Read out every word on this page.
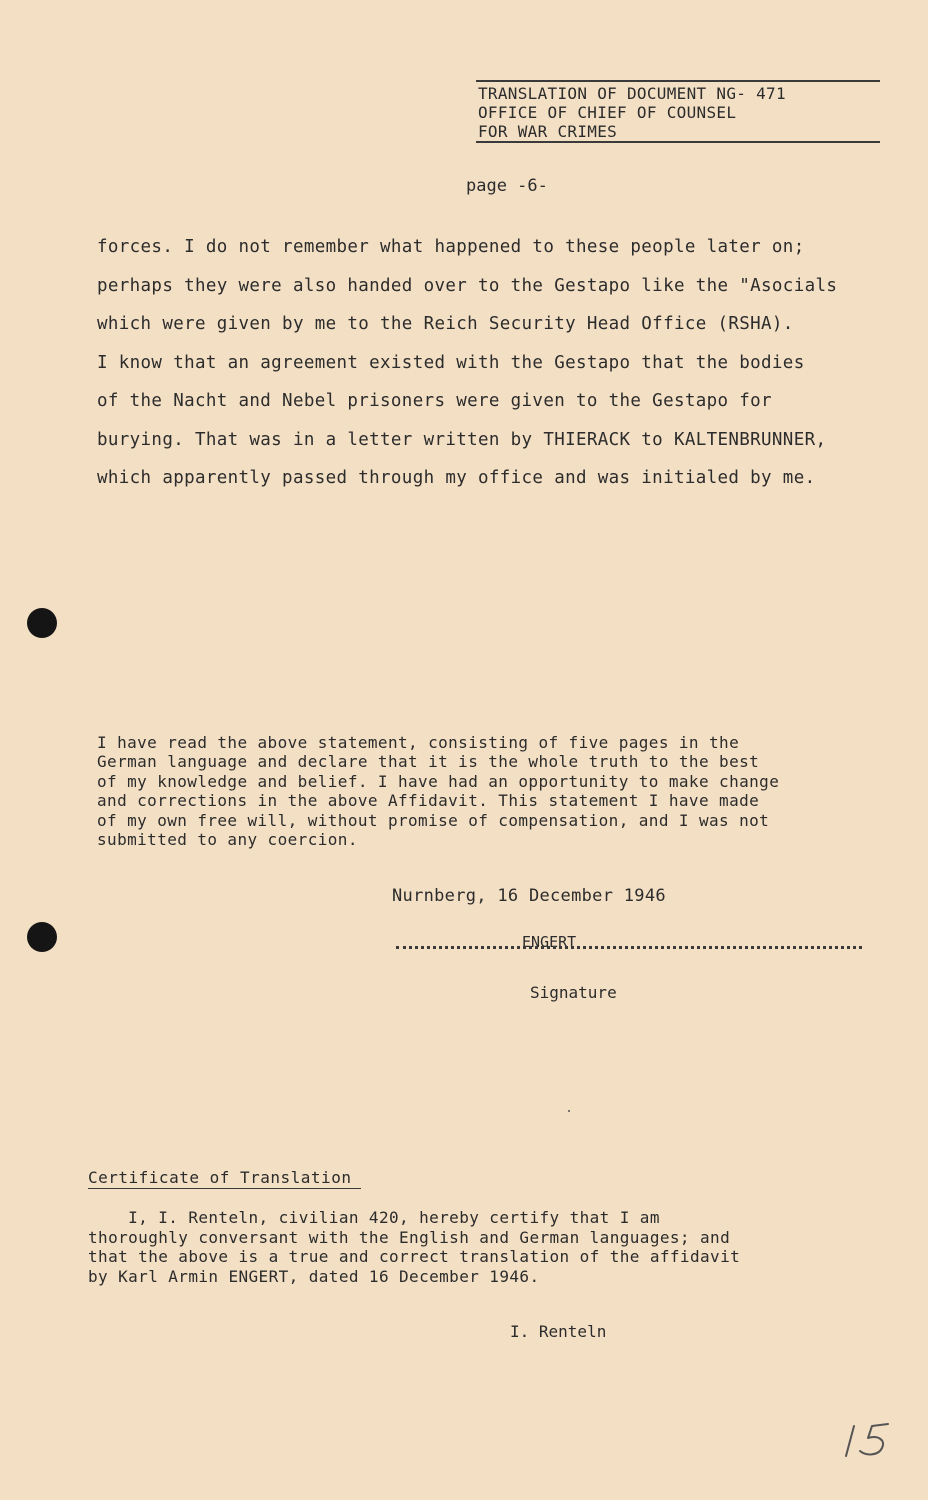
TRANSLATION OF DOCUMENT NG- 471
OFFICE OF CHIEF OF COUNSEL
FOR WAR CRIMES
page -6-
forces. I do not remember what happened to these people later on;
perhaps they were also handed over to the Gestapo like the "Asocials
which were given by me to the Reich Security Head Office (RSHA).
I know that an agreement existed with the Gestapo that the bodies
of the Nacht and Nebel prisoners were given to the Gestapo for
burying. That was in a letter written by THIERACK to KALTENBRUNNER,
which apparently passed through my office and was initialed by me.
I have read the above statement, consisting of five pages in the
German language and declare that it is the whole truth to the best
of my knowledge and belief. I have had an opportunity to make change
and corrections in the above Affidavit. This statement I have made
of my own free will, without promise of compensation, and I was not
submitted to any coercion.
Nurnberg, 16 December 1946
ENGERT
Signature
Certificate of Translation
I, I. Renteln, civilian 420, hereby certify that I am
thoroughly conversant with the English and German languages; and
that the above is a true and correct translation of the affidavit
by Karl Armin ENGERT, dated 16 December 1946.
I. Renteln
